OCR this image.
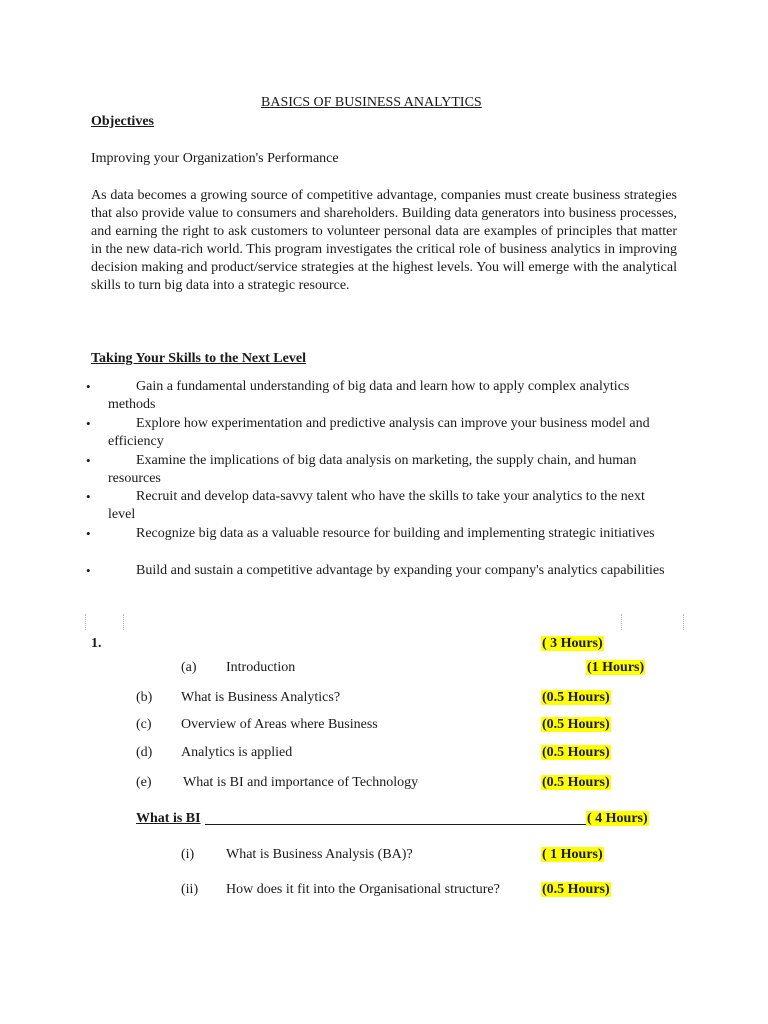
BASICS OF BUSINESS ANALYTICS
Objectives
Improving your Organization's Performance
As data becomes a growing source of competitive advantage, companies must create business strategies that also provide value to consumers and shareholders. Building data generators into business processes, and earning the right to ask customers to volunteer personal data are examples of principles that matter in the new data-rich world. This program investigates the critical role of business analytics in improving decision making and product/service strategies at the highest levels. You will emerge with the analytical skills to turn big data into a strategic resource.
Taking Your Skills to the Next Level
•	Gain a fundamental understanding of big data and learn how to apply complex analytics methods
•	Explore how experimentation and predictive analysis can improve your business model and efficiency
•	Examine the implications of big data analysis on marketing, the supply chain, and human resources
•	Recruit and develop data-savvy talent who have the skills to take your analytics to the next level
•	Recognize big data as a valuable resource for building and implementing strategic initiatives
•	Build and sustain a competitive advantage by expanding your company's analytics capabilities
1.	( 3 Hours)
(a) Introduction	(1 Hours)
(b) What is Business Analytics?	(0.5 Hours)
(c) Overview of Areas where Business	(0.5 Hours)
(d) Analytics is applied	(0.5 Hours)
(e) What is BI and importance of Technology	(0.5 Hours)
What is BI	( 4 Hours)
(i) What is Business Analysis (BA)?	( 1 Hours)
(ii) How does it fit into the Organisational structure?	(0.5 Hours)
